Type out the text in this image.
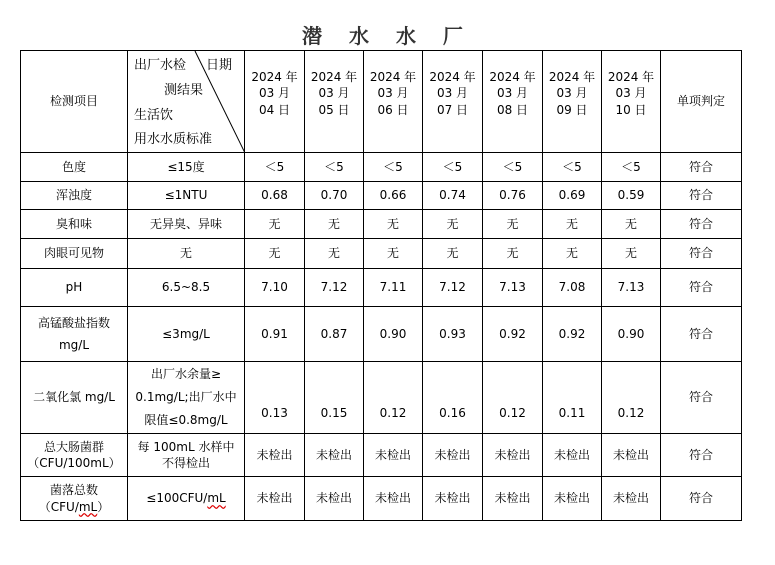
潜 水 水 厂
检测项目	出厂水检 日期
测结果
生活饮
用水水质标准	2024 年
03 月
04 日	2024 年
03 月
05 日	2024 年
03 月
06 日	2024 年
03 月
07 日	2024 年
03 月
08 日	2024 年
03 月
09 日	2024 年
03 月
10 日	单项判定

色度	≤15度	＜5	＜5	＜5	＜5	＜5	＜5	＜5	符合
浑浊度	≤1NTU	0.68	0.70	0.66	0.74	0.76	0.69	0.59	符合
臭和味	无异臭、异味	无	无	无	无	无	无	无	符合
肉眼可见物	无	无	无	无	无	无	无	无	符合
pH	6.5~8.5	7.10	7.12	7.11	7.12	7.13	7.08	7.13	符合

高锰酸盐指数
mg/L	≤3mg/L	0.91	0.87	0.90	0.93	0.92	0.92	0.90	符合
二氧化氯 mg/L	出厂水余量≥
0.1mg/L;出厂水中
限值≤0.8mg/L	0.13	0.15	0.12	0.16	0.12	0.11	0.12	符合

总大肠菌群
（CFU/100mL）	每 100mL 水样中
不得检出	未检出	未检出	未检出	未检出	未检出	未检出	未检出	符合

菌落总数
（CFU/mL）	≤100CFU/mL	未检出	未检出	未检出	未检出	未检出	未检出	未检出	符合
